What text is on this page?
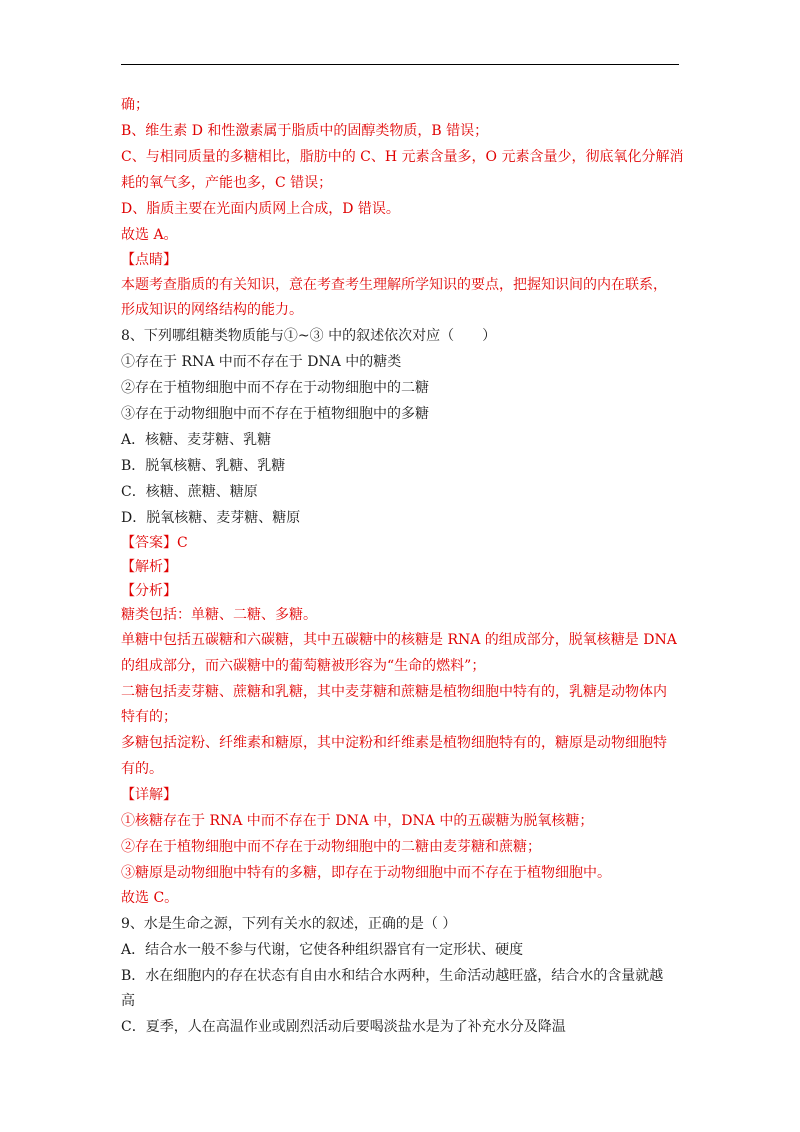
确；
B、维生素 D 和性激素属于脂质中的固醇类物质，B 错误；
C、与相同质量的多糖相比，脂肪中的 C、H 元素含量多，O 元素含量少，彻底氧化分解消
耗的氧气多，产能也多，C 错误；
D、脂质主要在光面内质网上合成，D 错误。
故选 A。
【点睛】
本题考查脂质的有关知识，意在考查考生理解所学知识的要点，把握知识间的内在联系，
形成知识的网络结构的能力。
8、下列哪组糖类物质能与①~③ 中的叙述依次对应（　　）
①存在于 RNA 中而不存在于 DNA 中的糖类
②存在于植物细胞中而不存在于动物细胞中的二糖
③存在于动物细胞中而不存在于植物细胞中的多糖
A．核糖、麦芽糖、乳糖
B．脱氧核糖、乳糖、乳糖
C．核糖、蔗糖、糖原
D．脱氧核糖、麦芽糖、糖原
【答案】C
【解析】
【分析】
糖类包括：单糖、二糖、多糖。
单糖中包括五碳糖和六碳糖，其中五碳糖中的核糖是 RNA 的组成部分，脱氧核糖是 DNA
的组成部分，而六碳糖中的葡萄糖被形容为“生命的燃料”；
二糖包括麦芽糖、蔗糖和乳糖，其中麦芽糖和蔗糖是植物细胞中特有的，乳糖是动物体内
特有的；
多糖包括淀粉、纤维素和糖原，其中淀粉和纤维素是植物细胞特有的，糖原是动物细胞特
有的。
【详解】
①核糖存在于 RNA 中而不存在于 DNA 中，DNA 中的五碳糖为脱氧核糖；
②存在于植物细胞中而不存在于动物细胞中的二糖由麦芽糖和蔗糖；
③糖原是动物细胞中特有的多糖，即存在于动物细胞中而不存在于植物细胞中。
故选 C。
9、水是生命之源，下列有关水的叙述，正确的是（ ）
A．结合水一般不参与代谢，它使各种组织器官有一定形状、硬度
B．水在细胞内的存在状态有自由水和结合水两种，生命活动越旺盛，结合水的含量就越
高
C．夏季，人在高温作业或剧烈活动后要喝淡盐水是为了补充水分及降温
